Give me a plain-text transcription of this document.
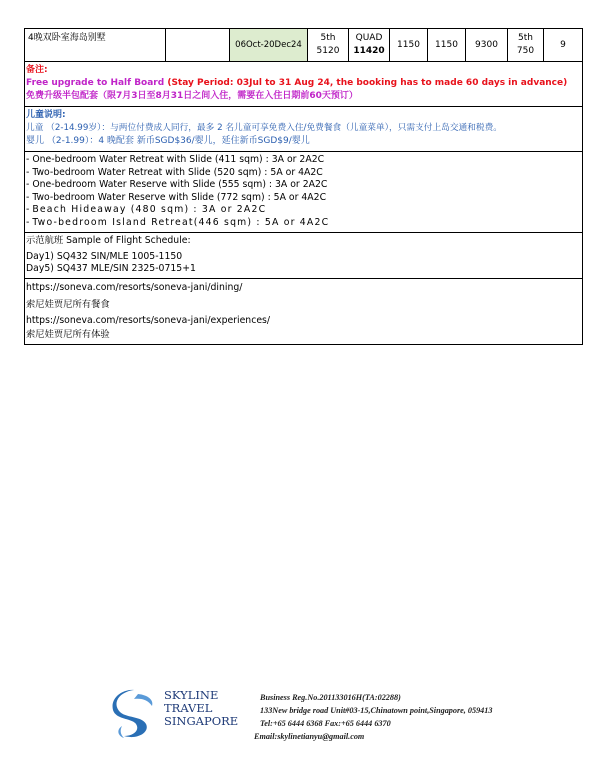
4晚双卧室海岛别墅
06Oct-20Dec24
5th
5120
QUAD
11420
1150	1150	9300
5th
750
9
备注:
Free upgrade to Half Board (Stay Period: 03Jul to 31 Aug 24, the booking has to made 60 days in advance)
免费升级半包配套（限7月3日至8月31日之间入住，需要在入住日期前60天预订）
儿童说明:
儿童 （2-14.99岁）：与两位付费成人同行，最多 2 名儿童可享免费入住/免费餐食（儿童菜单），只需支付上岛交通和税费。
婴儿 （2-1.99）：4 晚配套 新币SGD$36/婴儿，延住新币SGD$9/婴儿
- One-bedroom Water Retreat with Slide (411 sqm) : 3A or 2A2C
- Two-bedroom Water Retreat with Slide (520 sqm) : 5A or 4A2C
- One-bedroom Water Reserve with Slide (555 sqm) : 3A or 2A2C
- Two-bedroom Water Reserve with Slide (772 sqm) : 5A or 4A2C
- Beach Hideaway (480 sqm) : 3A or 2A2C
- Two-bedroom Island Retreat(446 sqm) : 5A or 4A2C
示范航班 Sample of Flight Schedule:
Day1) SQ432 SIN/MLE 1005-1150
Day5) SQ437 MLE/SIN 2325-0715+1
https://soneva.com/resorts/soneva-jani/dining/
索尼娃贾尼所有餐食
https://soneva.com/resorts/soneva-jani/experiences/
索尼娃贾尼所有体验
SKYLINE
TRAVEL
SINGAPORE
Business Reg.No.201133016H(TA:02288)
133New bridge road Unit#03-15,Chinatown point,Singapore, 059413
Tel:+65 6444 6368 Fax:+65 6444 6370
Email:skylinetianyu@gmail.com
